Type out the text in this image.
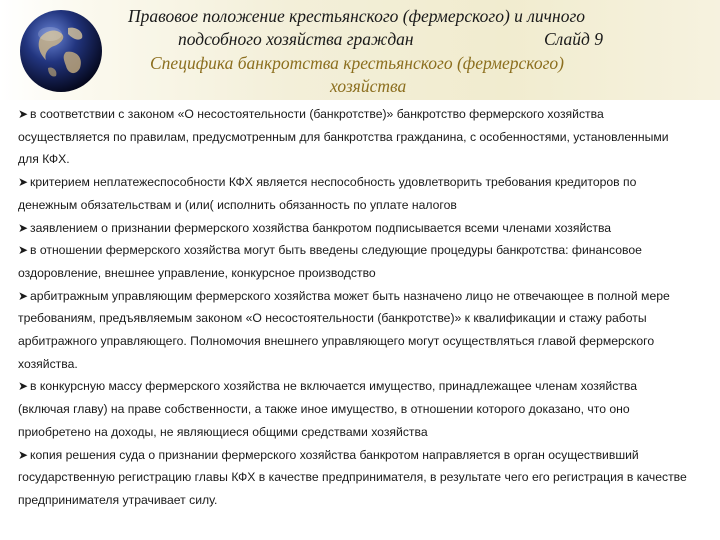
Правовое положение крестьянского (фермерского) и личного
подсобного хозяйства граждан	Слайд 9
Специфика банкротства крестьянского (фермерского)
хозяйства

➤ в соответствии с законом «О несостоятельности (банкротстве)» банкротство фермерского хозяйства осуществляется по правилам, предусмотренным для банкротства гражданина, с особенностями, установленными для КФХ.

➤ критерием неплатежеспособности КФХ является неспособность удовлетворить требования кредиторов по денежным обязательствам и (или( исполнить обязанность по уплате налогов

➤ заявлением о признании фермерского хозяйства банкротом подписывается всеми членами хозяйства

➤ в отношении фермерского хозяйства могут быть введены следующие процедуры банкротства: финансовое оздоровление, внешнее управление, конкурсное производство

➤ арбитражным управляющим фермерского хозяйства может быть назначено лицо не отвечающее в полной мере требованиям, предъявляемым законом «О несостоятельности (банкротстве)» к квалификации и стажу работы арбитражного управляющего. Полномочия внешнего управляющего могут осуществляться главой фермерского хозяйства.

➤ в конкурсную массу фермерского хозяйства не включается имущество, принадлежащее членам хозяйства (включая главу) на праве собственности, а также иное имущество, в отношении которого доказано, что оно приобретено на доходы, не являющиеся общими средствами хозяйства

➤ копия решения суда о признании фермерского хозяйства банкротом направляется в орган осуществивший государственную регистрацию главы КФХ в качестве предпринимателя, в результате чего его регистрация в качестве предпринимателя утрачивает силу.
